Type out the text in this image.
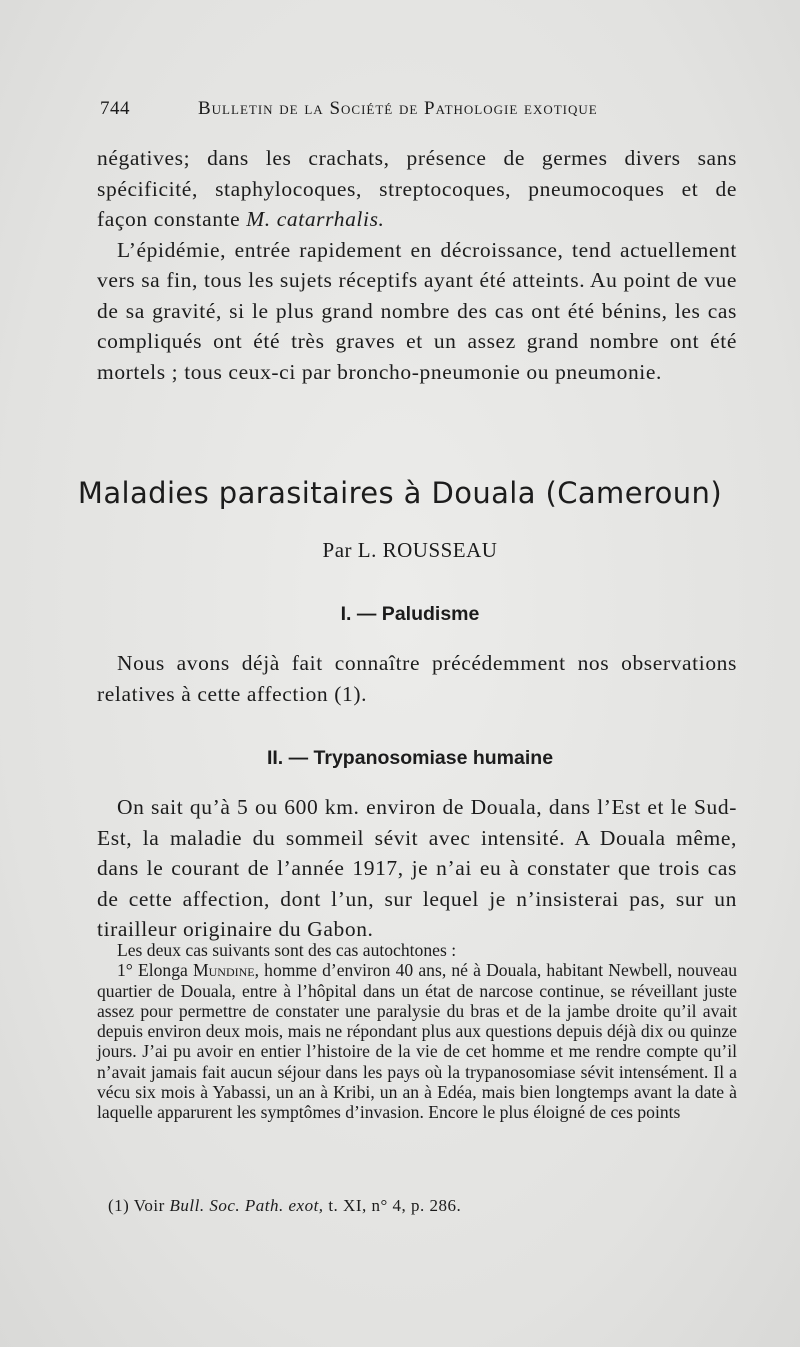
744	Bulletin de la Société de Pathologie exotique

négatives; dans les crachats, présence de germes divers sans spécificité, staphylocoques, streptocoques, pneumocoques et de façon constante M. catarrhalis.

L’épidémie, entrée rapidement en décroissance, tend actuellement vers sa fin, tous les sujets réceptifs ayant été atteints. Au point de vue de sa gravité, si le plus grand nombre des cas ont été bénins, les cas compliqués ont été très graves et un assez grand nombre ont été mortels ; tous ceux-ci par broncho-pneumonie ou pneumonie.

Maladies parasitaires à Douala (Cameroun)
Par L. ROUSSEAU
I. — Paludisme

Nous avons déjà fait connaître précédemment nos observations relatives à cette affection (1).

II. — Trypanosomiase humaine

On sait qu’à 5 ou 600 km. environ de Douala, dans l’Est et le Sud-Est, la maladie du sommeil sévit avec intensité. A Douala même, dans le courant de l’année 1917, je n’ai eu à constater que trois cas de cette affection, dont l’un, sur lequel je n’insisterai pas, sur un tirailleur originaire du Gabon.

Les deux cas suivants sont des cas autochtones :

1° Elonga Mundine, homme d’environ 40 ans, né à Douala, habitant Newbell, nouveau quartier de Douala, entre à l’hôpital dans un état de narcose continue, se réveillant juste assez pour permettre de constater une paralysie du bras et de la jambe droite qu’il avait depuis environ deux mois, mais ne répondant plus aux questions depuis déjà dix ou quinze jours. J’ai pu avoir en entier l’histoire de la vie de cet homme et me rendre compte qu’il n’avait jamais fait aucun séjour dans les pays où la trypanosomiase sévit intensément. Il a vécu six mois à Yabassi, un an à Kribi, un an à Edéa, mais bien longtemps avant la date à laquelle apparurent les symptômes d’invasion. Encore le plus éloigné de ces points

(1) Voir Bull. Soc. Path. exot, t. XI, n° 4, p. 286.
